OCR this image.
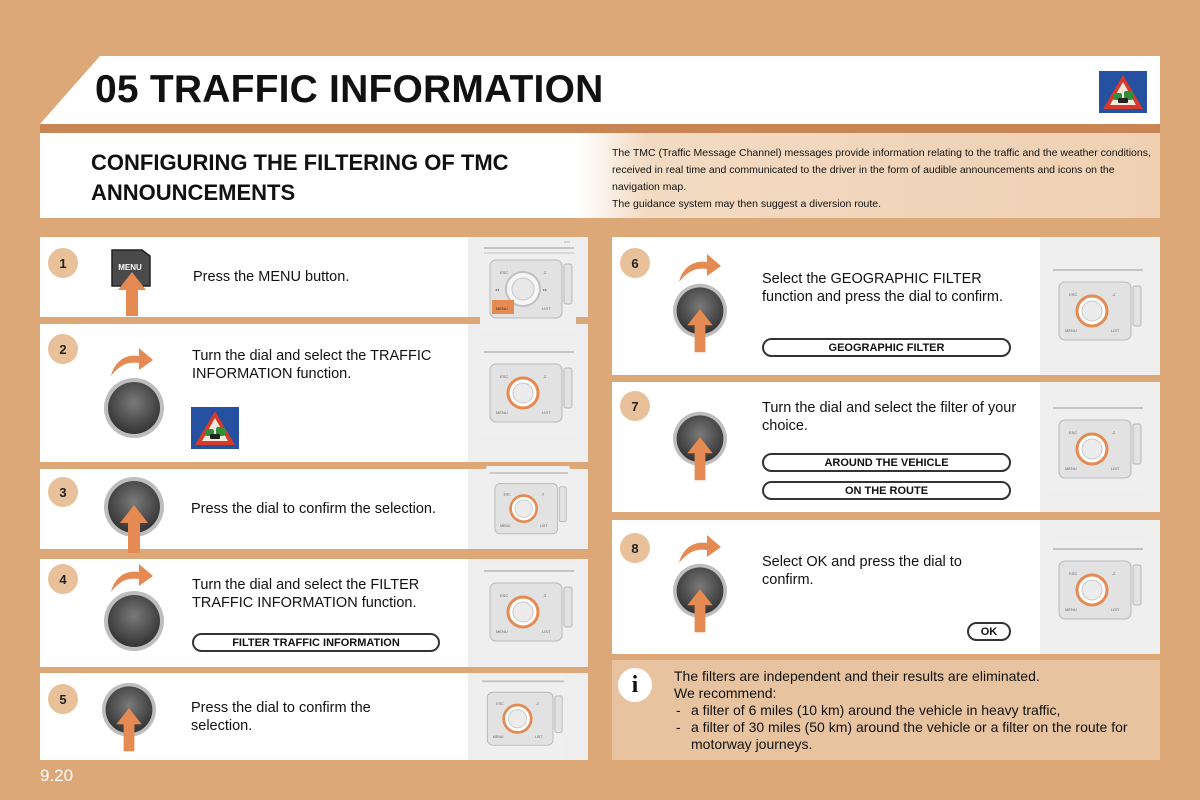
05 TRAFFIC INFORMATION
CONFIGURING THE FILTERING OF TMC ANNOUNCEMENTS

The TMC (Traffic Message Channel) messages provide information relating to the traffic and the weather conditions, received in real time and communicated to the driver in the form of audible announcements and icons on the navigation map.

The guidance system may then suggest a diversion route.

1
2
3
4
5
6
7
8
MENU
Press the MENU button.
Turn the dial and select the TRAFFIC INFORMATION function.
Press the dial to confirm the selection.
Turn the dial and select the FILTER TRAFFIC INFORMATION function.
FILTER TRAFFIC INFORMATION
Press the dial to confirm the selection.
Select the GEOGRAPHIC FILTER function and press the dial to confirm.
GEOGRAPHIC FILTER
Turn the dial and select the filter of your choice.
AROUND THE VEHICLE
ON THE ROUTE
Select OK and press the dial to confirm.
OK
RT6
ESC	♫
◂◂	▸▸
MENU	LIST
ESC	♫
MENU	LIST
ESC	♫
MENU	LIST
ESC	♫
MENU	LIST
ESC	♫
MENU	LIST
ESC	♫
MENU	LIST
ESC	♫
MENU	LIST
ESC	♫
MENU	LIST
i	The filters are independent and their results are eliminated.

We recommend:

- a filter of 6 miles (10 km) around the vehicle in heavy traffic,
- a filter of 30 miles (50 km) around the vehicle or a filter on the route for motorway journeys.
9.20
